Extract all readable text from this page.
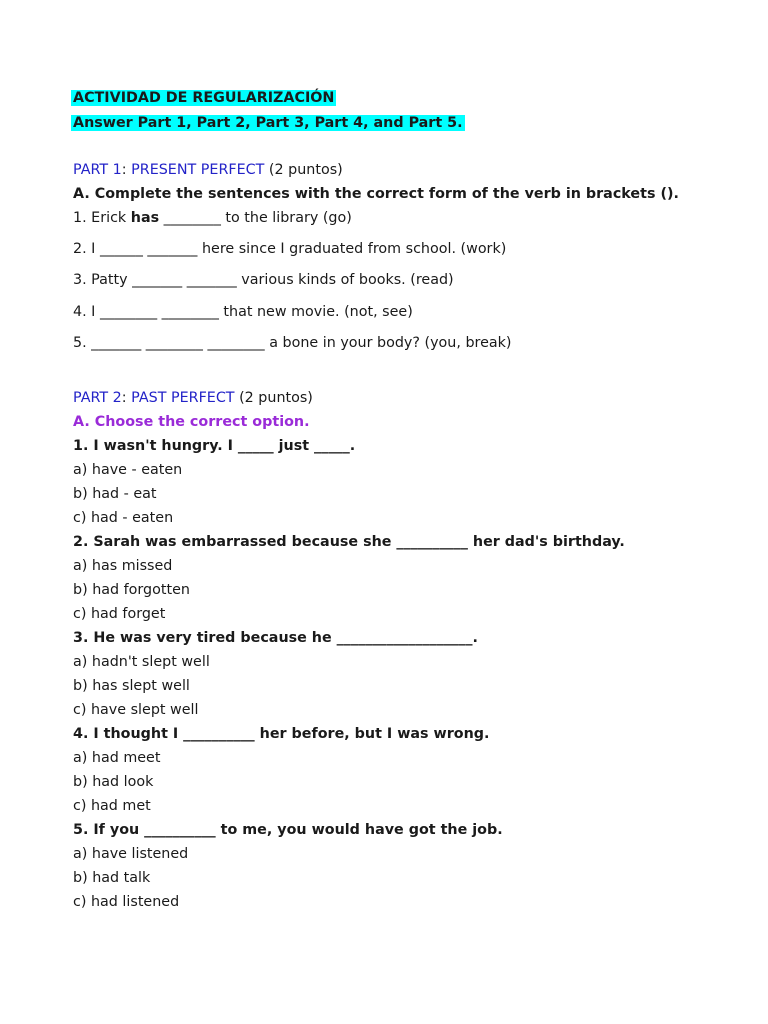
ACTIVIDAD DE REGULARIZACIÓN
Answer Part 1, Part 2, Part 3, Part 4, and Part 5.
PART 1: PRESENT PERFECT (2 puntos)
A. Complete the sentences with the correct form of the verb in brackets ().
1. Erick has ________ to the library (go)
2. I ______ _______ here since I graduated from school. (work)
3. Patty _______ _______ various kinds of books. (read)
4. I ________ ________ that new movie. (not, see)
5. _______ ________ ________ a bone in your body? (you, break)
PART 2: PAST PERFECT (2 puntos)
A. Choose the correct option.
1. I wasn't hungry. I _____ just _____.
a) have - eaten
b) had - eat
c) had - eaten
2. Sarah was embarrassed because she __________ her dad's birthday.
a) has missed
b) had forgotten
c) had forget
3. He was very tired because he ___________________.
a) hadn't slept well
b) has slept well
c) have slept well
4. I thought I __________ her before, but I was wrong.
a) had meet
b) had look
c) had met
5. If you __________ to me, you would have got the job.
a) have listened
b) had talk
c) had listened
